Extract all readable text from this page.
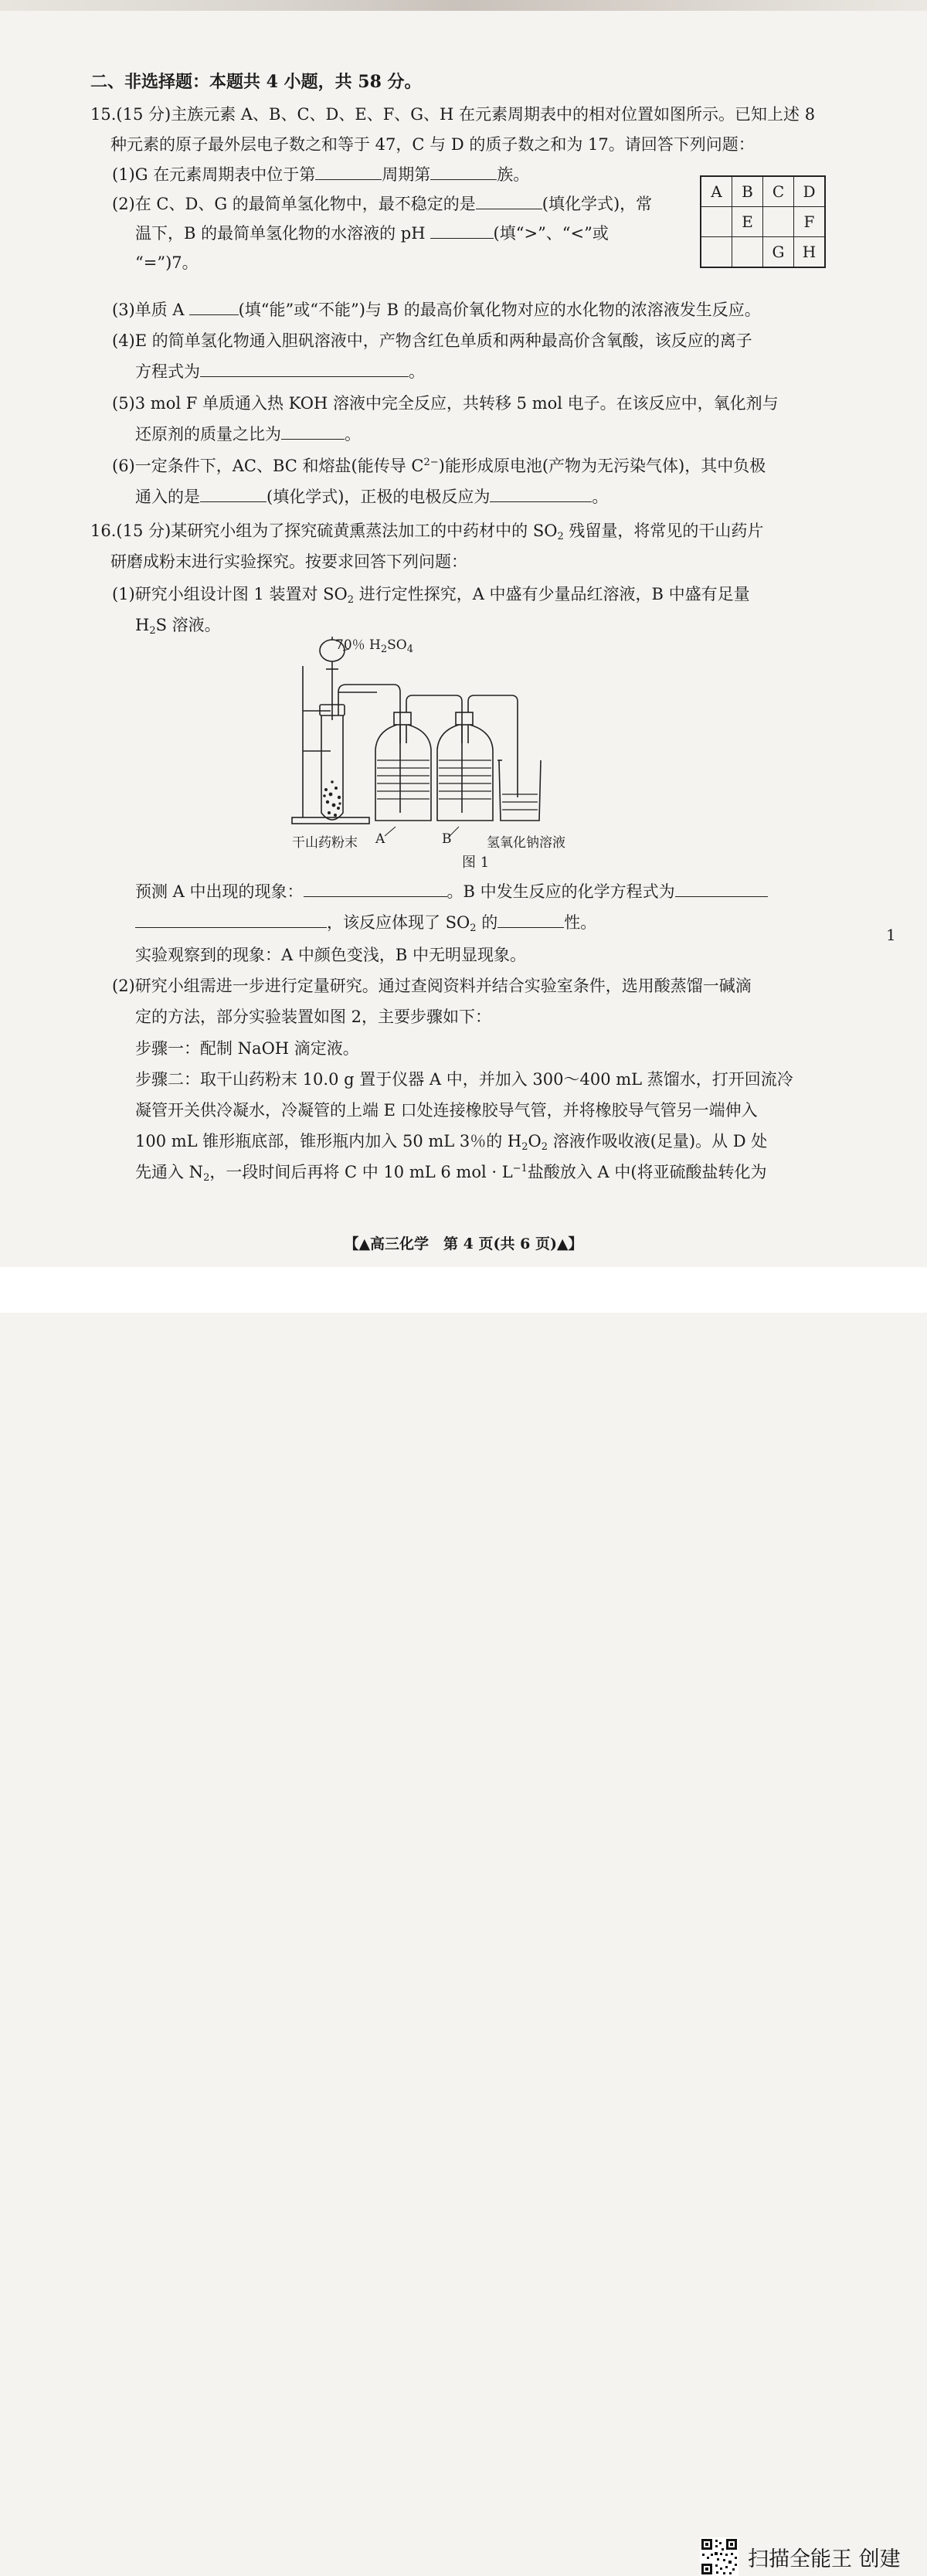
二、非选择题：本题共 4 小题，共 58 分。
15.(15 分)主族元素 A、B、C、D、E、F、G、H 在元素周期表中的相对位置如图所示。已知上述 8
种元素的原子最外层电子数之和等于 47，C 与 D 的质子数之和为 17。请回答下列问题：
(1)G 在元素周期表中位于第	周期第	族。
(2)在 C、D、G 的最简单氢化物中，最不稳定的是	(填化学式)，常
温下，B 的最简单氢化物的水溶液的 pH	(填“>”、“<”或
“=”)7。
A	B	C	D
	E		F
		G	H
(3)单质 A	(填“能”或“不能”)与 B 的最高价氧化物对应的水化物的浓溶液发生反应。
(4)E 的简单氢化物通入胆矾溶液中，产物含红色单质和两种最高价含氧酸，该反应的离子
方程式为	。
(5)3 mol F 单质通入热 KOH 溶液中完全反应，共转移 5 mol 电子。在该反应中，氧化剂与
还原剂的质量之比为	。
(6)一定条件下，AC、BC 和熔盐(能传导 $C^{2-}$)能形成原电池(产物为无污染气体)，其中负极
通入的是	(填化学式)，正极的电极反应为	。
16.(15 分)某研究小组为了探究硫黄熏蒸法加工的中药材中的 $SO_2$ 残留量，将常见的干山药片
研磨成粉末进行实验探究。按要求回答下列问题：
(1)研究小组设计图 1 装置对 $SO_2$ 进行定性探究，A 中盛有少量品红溶液，B 中盛有足量
$H_2S$ 溶液。
70％ $H_2SO_4$
干山药粉末 A	B	氢氧化钠溶液
图 1
预测 A 中出现的现象：	。B 中发生反应的化学方程式为
，该反应体现了 $SO_2$ 的	性。
实验观察到的现象：A 中颜色变浅，B 中无明显现象。
(2)研究小组需进一步进行定量研究。通过查阅资料并结合实验室条件，选用酸蒸馏一碱滴
定的方法，部分实验装置如图 2，主要步骤如下：
步骤一：配制 NaOH 滴定液。
步骤二：取干山药粉末 10.0 g 置于仪器 A 中，并加入 300～400 mL 蒸馏水，打开回流冷
凝管开关供冷凝水，冷凝管的上端 E 口处连接橡胶导气管，并将橡胶导气管另一端伸入
100 mL 锥形瓶底部，锥形瓶内加入 50 mL 3％的 $H_2O_2$ 溶液作吸收液(足量)。从 D 处
先通入 $N_2$，一段时间后再将 C 中 10 mL 6 mol · $L^{-1}$盐酸放入 A 中(将亚硫酸盐转化为
1
【▲高三化学　第 4 页(共 6 页)▲】
扫描全能王 创建
